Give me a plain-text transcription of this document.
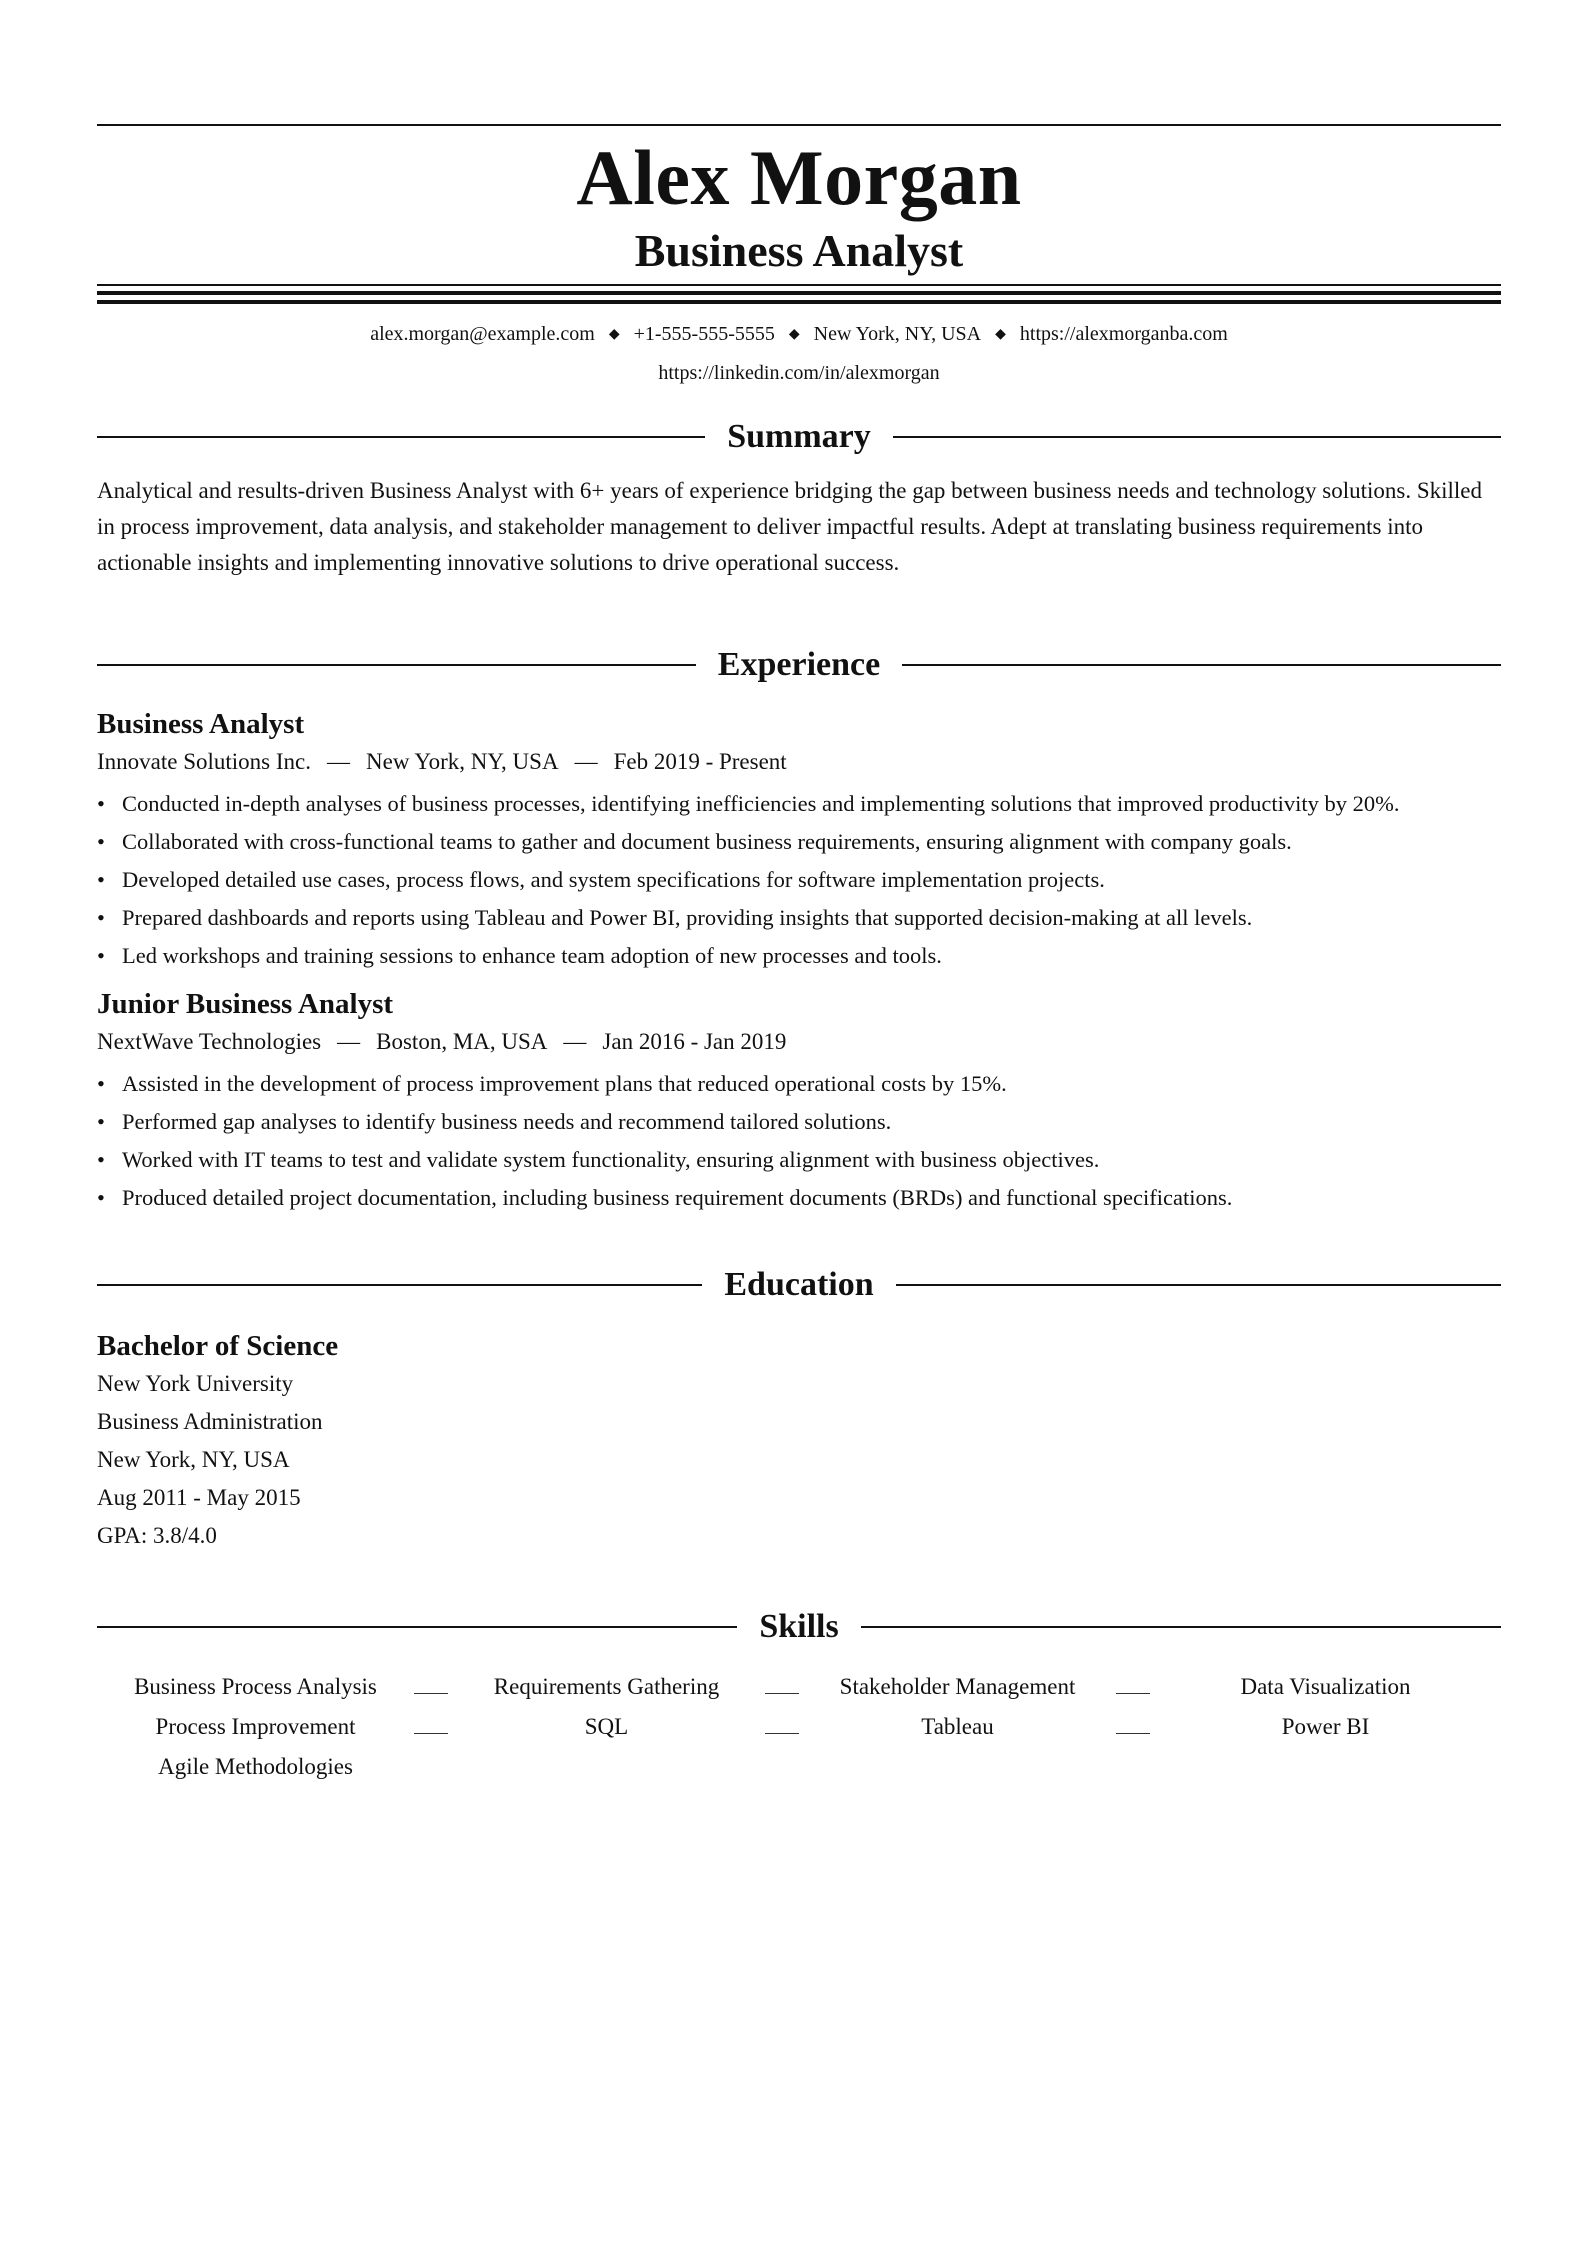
Alex Morgan
Business Analyst
alex.morgan@example.com ◆ +1-555-555-5555 ◆ New York, NY, USA ◆ https://alexmorganba.com
https://linkedin.com/in/alexmorgan
Summary
Analytical and results-driven Business Analyst with 6+ years of experience bridging the gap between business needs and technology solutions. Skilled in process improvement, data analysis, and stakeholder management to deliver impactful results. Adept at translating business requirements into actionable insights and implementing innovative solutions to drive operational success.
Experience
Business Analyst
Innovate Solutions Inc. — New York, NY, USA — Feb 2019 - Present
• Conducted in-depth analyses of business processes, identifying inefficiencies and implementing solutions that improved productivity by 20%.
• Collaborated with cross-functional teams to gather and document business requirements, ensuring alignment with company goals.
• Developed detailed use cases, process flows, and system specifications for software implementation projects.
• Prepared dashboards and reports using Tableau and Power BI, providing insights that supported decision-making at all levels.
• Led workshops and training sessions to enhance team adoption of new processes and tools.
Junior Business Analyst
NextWave Technologies — Boston, MA, USA — Jan 2016 - Jan 2019
• Assisted in the development of process improvement plans that reduced operational costs by 15%.
• Performed gap analyses to identify business needs and recommend tailored solutions.
• Worked with IT teams to test and validate system functionality, ensuring alignment with business objectives.
• Produced detailed project documentation, including business requirement documents (BRDs) and functional specifications.
Education
Bachelor of Science
New York University
Business Administration
New York, NY, USA
Aug 2011 - May 2015
GPA: 3.8/4.0
Skills
Business Process Analysis	Requirements Gathering	Stakeholder Management	Data Visualization
Process Improvement	SQL	Tableau	Power BI
Agile Methodologies
